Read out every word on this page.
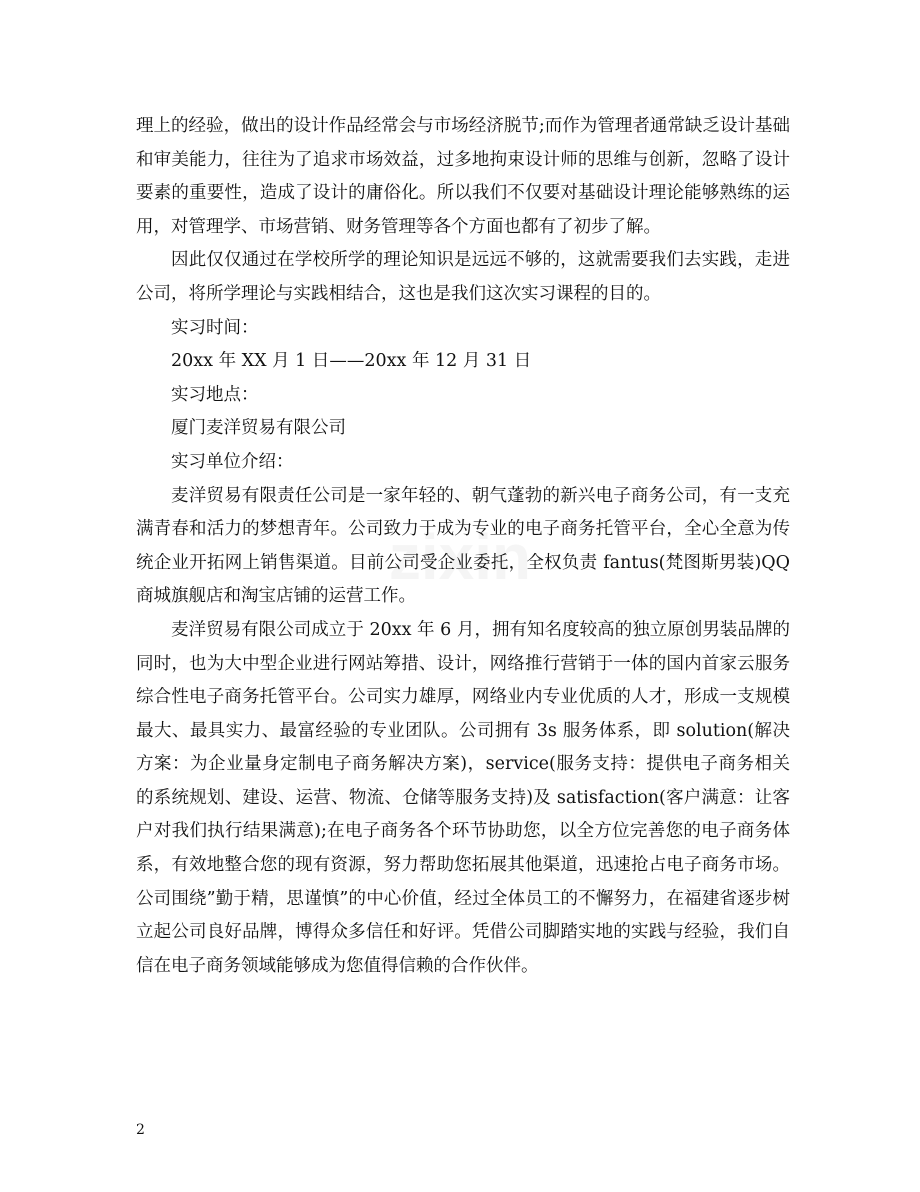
zixin

理上的经验，做出的设计作品经常会与市场经济脱节;而作为管理者通常缺乏设计基础和审美能力，往往为了追求市场效益，过多地拘束设计师的思维与创新，忽略了设计要素的重要性，造成了设计的庸俗化。所以我们不仅要对基础设计理论能够熟练的运用，对管理学、市场营销、财务管理等各个方面也都有了初步了解。

因此仅仅通过在学校所学的理论知识是远远不够的，这就需要我们去实践，走进公司，将所学理论与实践相结合，这也是我们这次实习课程的目的。

实习时间：

20xx 年 XX 月 1 日——20xx 年 12 月 31 日

实习地点：

厦门麦洋贸易有限公司

实习单位介绍：

麦洋贸易有限责任公司是一家年轻的、朝气蓬勃的新兴电子商务公司，有一支充满青春和活力的梦想青年。公司致力于成为专业的电子商务托管平台，全心全意为传统企业开拓网上销售渠道。目前公司受企业委托，全权负责 fantus(梵图斯男装)QQ 商城旗舰店和淘宝店铺的运营工作。

麦洋贸易有限公司成立于 20xx 年 6 月，拥有知名度较高的独立原创男装品牌的同时，也为大中型企业进行网站筹措、设计，网络推行营销于一体的国内首家云服务综合性电子商务托管平台。公司实力雄厚，网络业内专业优质的人才，形成一支规模最大、最具实力、最富经验的专业团队。公司拥有 3s 服务体系，即 solution(解决方案：为企业量身定制电子商务解决方案)，service(服务支持：提供电子商务相关的系统规划、建设、运营、物流、仓储等服务支持)及 satisfaction(客户满意：让客户对我们执行结果满意);在电子商务各个环节协助您，以全方位完善您的电子商务体系，有效地整合您的现有资源，努力帮助您拓展其他渠道，迅速抢占电子商务市场。公司围绕”勤于精，思谨慎”的中心价值，经过全体员工的不懈努力，在福建省逐步树立起公司良好品牌，博得众多信任和好评。凭借公司脚踏实地的实践与经验，我们自信在电子商务领域能够成为您值得信赖的合作伙伴。

2
